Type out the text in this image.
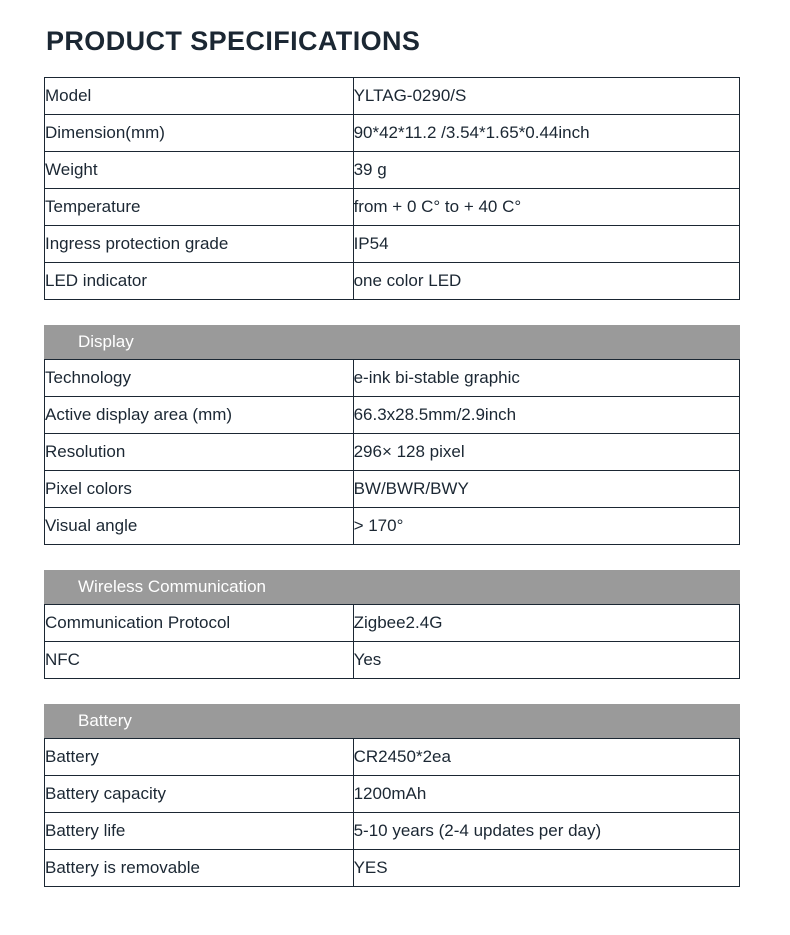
PRODUCT SPECIFICATIONS
Model	YLTAG-0290/S
Dimension(mm)	90*42*11.2 /3.54*1.65*0.44inch
Weight	39 g
Temperature	from + 0 C° to + 40 C°
Ingress protection grade	IP54
LED indicator	one color LED
Display
Technology	e-ink bi-stable graphic
Active display area (mm)	66.3x28.5mm/2.9inch
Resolution	296× 128 pixel
Pixel colors	BW/BWR/BWY
Visual angle	> 170°
Wireless Communication
Communication Protocol	Zigbee2.4G
NFC	Yes
Battery
Battery	CR2450*2ea
Battery capacity	1200mAh
Battery life	5-10 years (2-4 updates per day)
Battery is removable	YES
